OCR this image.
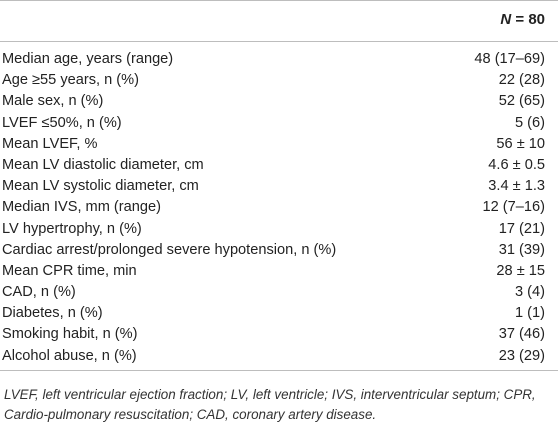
N = 80
Median age, years (range)	48 (17–69)
Age ≥55 years, n (%)	22 (28)
Male sex, n (%)	52 (65)
LVEF ≤50%, n (%)	5 (6)
Mean LVEF, %	56 ± 10
Mean LV diastolic diameter, cm	4.6 ± 0.5
Mean LV systolic diameter, cm	3.4 ± 1.3
Median IVS, mm (range)	12 (7–16)
LV hypertrophy, n (%)	17 (21)
Cardiac arrest/prolonged severe hypotension, n (%)	31 (39)
Mean CPR time, min	28 ± 15
CAD, n (%)	3 (4)
Diabetes, n (%)	1 (1)
Smoking habit, n (%)	37 (46)
Alcohol abuse, n (%)	23 (29)
LVEF, left ventricular ejection fraction; LV, left ventricle; IVS, interventricular septum; CPR, Cardio-pulmonary resuscitation; CAD, coronary artery disease.
